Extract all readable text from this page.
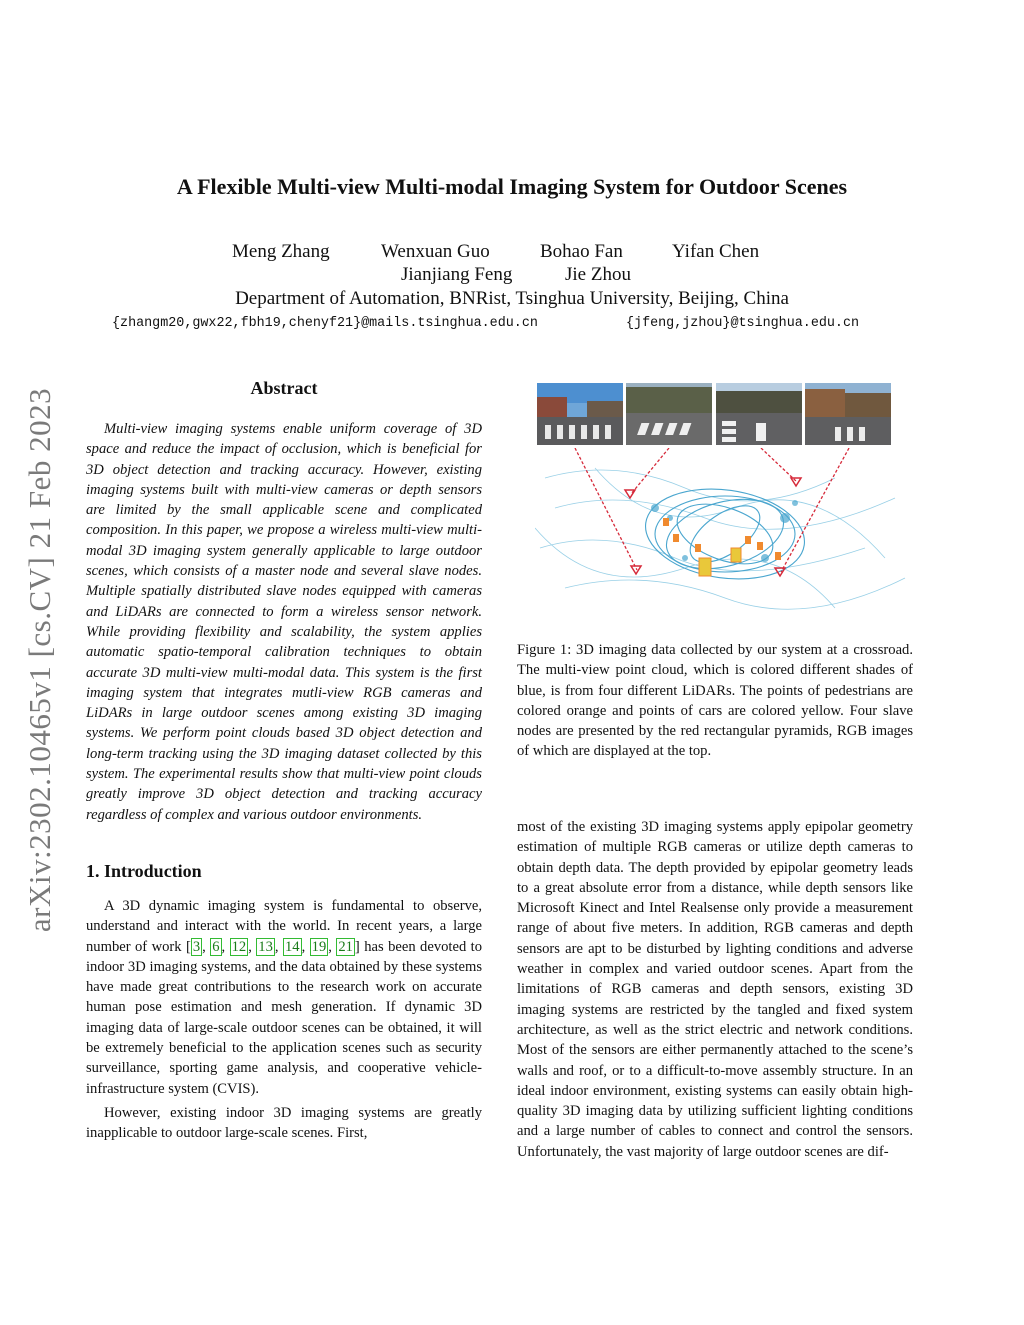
arXiv:2302.10465v1 [cs.CV] 21 Feb 2023
A Flexible Multi-view Multi-modal Imaging System for Outdoor Scenes
Meng Zhang	Wenxuan Guo	Bohao Fan	Yifan Chen
Jianjiang Feng	Jie Zhou
Department of Automation, BNRist, Tsinghua University, Beijing, China
{zhangm20,gwx22,fbh19,chenyf21}@mails.tsinghua.edu.cn	{jfeng,jzhou}@tsinghua.edu.cn
Abstract

Multi-view imaging systems enable uniform coverage of 3D space and reduce the impact of occlusion, which is beneficial for 3D object detection and tracking accuracy. However, existing imaging systems built with multi-view cameras or depth sensors are limited by the small applicable scene and complicated composition. In this paper, we propose a wireless multi-view multi-modal 3D imaging system generally applicable to large outdoor scenes, which consists of a master node and several slave nodes. Multiple spatially distributed slave nodes equipped with cameras and LiDARs are connected to form a wireless sensor network. While providing flexibility and scalability, the system applies automatic spatio-temporal calibration techniques to obtain accurate 3D multi-view multi-modal data. This system is the first imaging system that integrates mutli-view RGB cameras and LiDARs in large outdoor scenes among existing 3D imaging systems. We perform point clouds based 3D object detection and long-term tracking using the 3D imaging dataset collected by this system. The experimental results show that multi-view point clouds greatly improve 3D object detection and tracking accuracy regardless of complex and various outdoor environments.

1. Introduction

A 3D dynamic imaging system is fundamental to observe, understand and interact with the world. In recent years, a large number of work [ 3 , 6 , 12 , 13 , 14 , 19 , 21 ] has been devoted to indoor 3D imaging systems, and the data obtained by these systems have made great contributions to the research work on accurate human pose estimation and mesh generation. If dynamic 3D imaging data of large-scale outdoor scenes can be obtained, it will be extremely beneficial to the application scenes such as security surveillance, sporting game analysis, and cooperative vehicle-infrastructure system (CVIS).

However, existing indoor 3D imaging systems are greatly inapplicable to outdoor large-scale scenes. First,

Figure 1: 3D imaging data collected by our system at a crossroad. The multi-view point cloud, which is colored different shades of blue, is from four different LiDARs. The points of pedestrians are colored orange and points of cars are colored yellow. Four slave nodes are presented by the red rectangular pyramids, RGB images of which are displayed at the top.

most of the existing 3D imaging systems apply epipolar geometry estimation of multiple RGB cameras or utilize depth cameras to obtain depth data. The depth provided by epipolar geometry leads to a great absolute error from a distance, while depth sensors like Microsoft Kinect and Intel Realsense only provide a measurement range of about five meters. In addition, RGB cameras and depth sensors are apt to be disturbed by lighting conditions and adverse weather in complex and varied outdoor scenes. Apart from the limitations of RGB cameras and depth sensors, existing 3D imaging systems are restricted by the tangled and fixed system architecture, as well as the strict electric and network conditions. Most of the sensors are either permanently attached to the scene’s walls and roof, or to a difficult-to-move assembly structure. In an ideal indoor environment, existing systems can easily obtain high-quality 3D imaging data by utilizing sufficient lighting conditions and a large number of cables to connect and control the sensors. Unfortunately, the vast majority of large outdoor scenes are dif-
